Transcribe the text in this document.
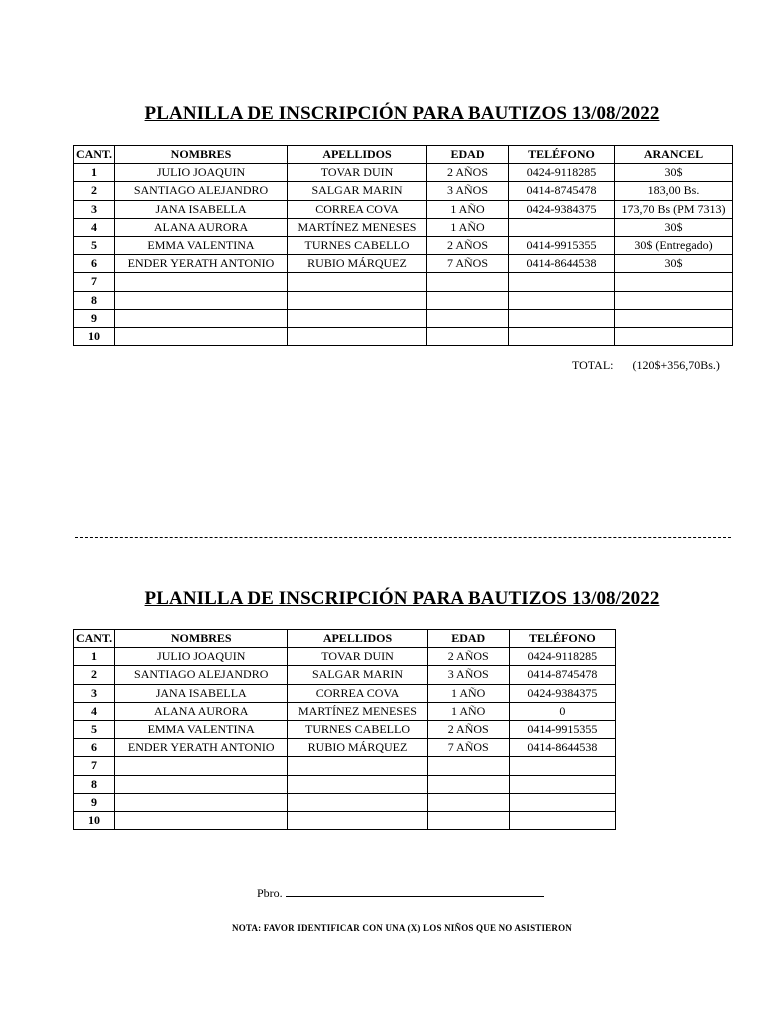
PLANILLA DE INSCRIPCIÓN PARA BAUTIZOS 13/08/2022
CANT.	NOMBRES	APELLIDOS	EDAD	TELÉFONO	ARANCEL
1	JULIO JOAQUIN	TOVAR DUIN	2 AÑOS	0424-9118285	30$
2	SANTIAGO ALEJANDRO	SALGAR MARIN	3 AÑOS	0414-8745478	183,00 Bs.
3	JANA ISABELLA	CORREA COVA	1 AÑO	0424-9384375	173,70 Bs (PM 7313)
4	ALANA AURORA	MARTÍNEZ MENESES	1 AÑO		30$
5	EMMA VALENTINA	TURNES CABELLO	2 AÑOS	0414-9915355	30$ (Entregado)
6	ENDER YERATH ANTONIO	RUBIO MÁRQUEZ	7 AÑOS	0414-8644538	30$
7					
8					
9					
10					
TOTAL: (120$+356,70Bs.)
PLANILLA DE INSCRIPCIÓN PARA BAUTIZOS 13/08/2022
CANT.	NOMBRES	APELLIDOS	EDAD	TELÉFONO
1	JULIO JOAQUIN	TOVAR DUIN	2 AÑOS	0424-9118285
2	SANTIAGO ALEJANDRO	SALGAR MARIN	3 AÑOS	0414-8745478
3	JANA ISABELLA	CORREA COVA	1 AÑO	0424-9384375
4	ALANA AURORA	MARTÍNEZ MENESES	1 AÑO	0
5	EMMA VALENTINA	TURNES CABELLO	2 AÑOS	0414-9915355
6	ENDER YERATH ANTONIO	RUBIO MÁRQUEZ	7 AÑOS	0414-8644538
7				
8				
9				
10				
Pbro.
NOTA: FAVOR IDENTIFICAR CON UNA (X) LOS NIÑOS QUE NO ASISTIERON
